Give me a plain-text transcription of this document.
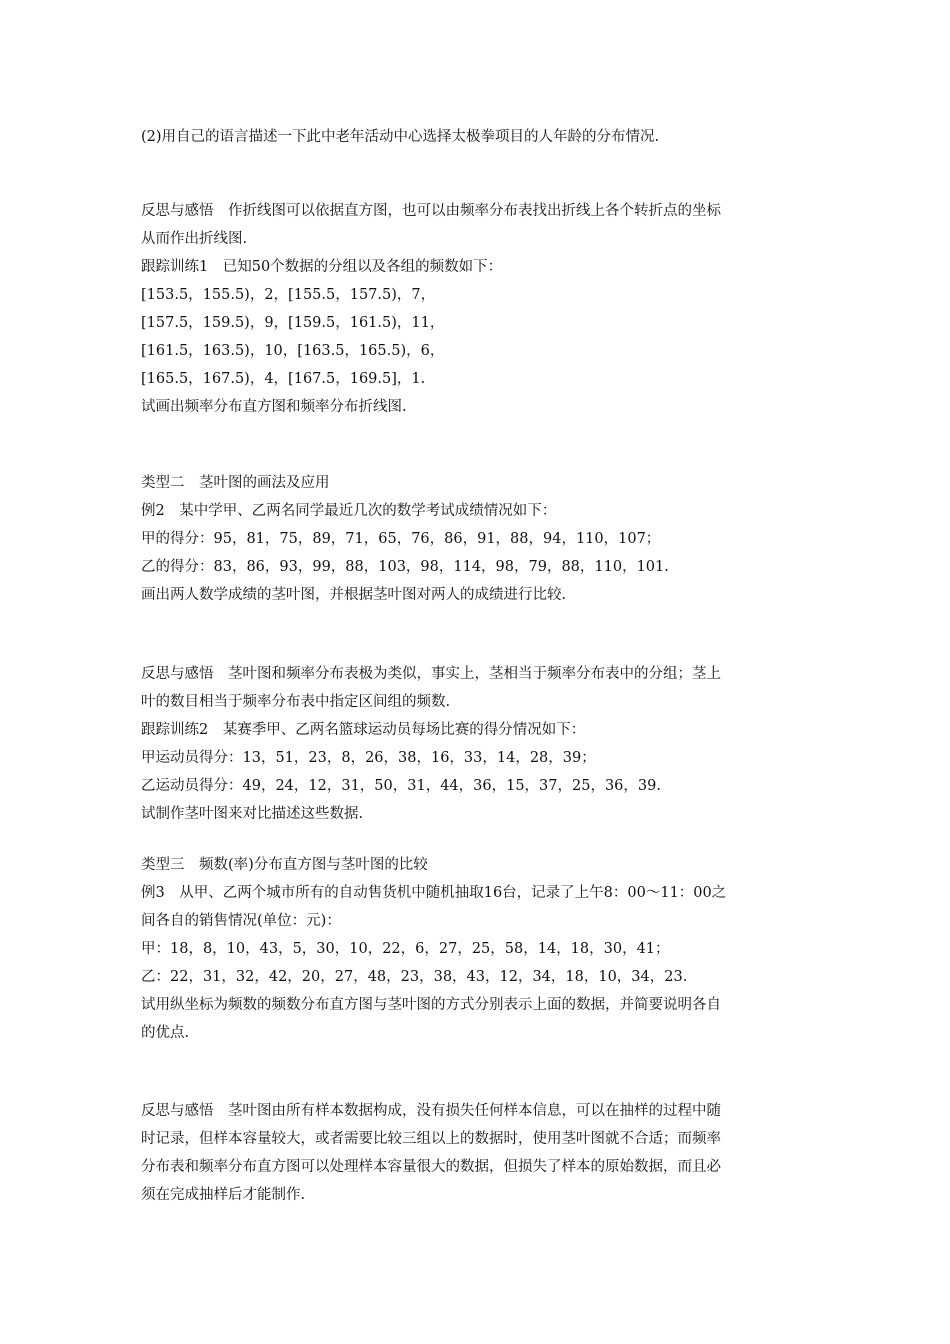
(2)用自己的语言描述一下此中老年活动中心选择太极拳项目的人年龄的分布情况.
反思与感悟　作折线图可以依据直方图，也可以由频率分布表找出折线上各个转折点的坐标
从而作出折线图.
跟踪训练1　已知50个数据的分组以及各组的频数如下：
[153.5，155.5)，2，[155.5，157.5)，7，
[157.5，159.5)，9，[159.5，161.5)，11，
[161.5，163.5)，10，[163.5，165.5)，6，
[165.5，167.5)，4，[167.5，169.5]，1.
试画出频率分布直方图和频率分布折线图.
类型二　茎叶图的画法及应用
例2　某中学甲、乙两名同学最近几次的数学考试成绩情况如下：
甲的得分：95，81，75，89，71，65，76，86，91，88，94，110，107；
乙的得分：83，86，93，99，88，103，98，114，98，79，88，110，101.
画出两人数学成绩的茎叶图，并根据茎叶图对两人的成绩进行比较.
反思与感悟　茎叶图和频率分布表极为类似，事实上，茎相当于频率分布表中的分组；茎上
叶的数目相当于频率分布表中指定区间组的频数.
跟踪训练2　某赛季甲、乙两名篮球运动员每场比赛的得分情况如下：
甲运动员得分：13，51，23，8，26，38，16，33，14，28，39；
乙运动员得分：49，24，12，31，50，31，44，36，15，37，25，36，39.
试制作茎叶图来对比描述这些数据.
类型三　频数(率)分布直方图与茎叶图的比较
例3　从甲、乙两个城市所有的自动售货机中随机抽取16台，记录了上午8：00～11：00之
间各自的销售情况(单位：元)：
甲：18，8，10，43，5，30，10，22，6，27，25，58，14，18，30，41；
乙：22，31，32，42，20，27，48，23，38，43，12，34，18，10，34，23.
试用纵坐标为频数的频数分布直方图与茎叶图的方式分别表示上面的数据，并简要说明各自
的优点.
反思与感悟　茎叶图由所有样本数据构成，没有损失任何样本信息，可以在抽样的过程中随
时记录，但样本容量较大，或者需要比较三组以上的数据时，使用茎叶图就不合适；而频率
分布表和频率分布直方图可以处理样本容量很大的数据，但损失了样本的原始数据，而且必
须在完成抽样后才能制作.
